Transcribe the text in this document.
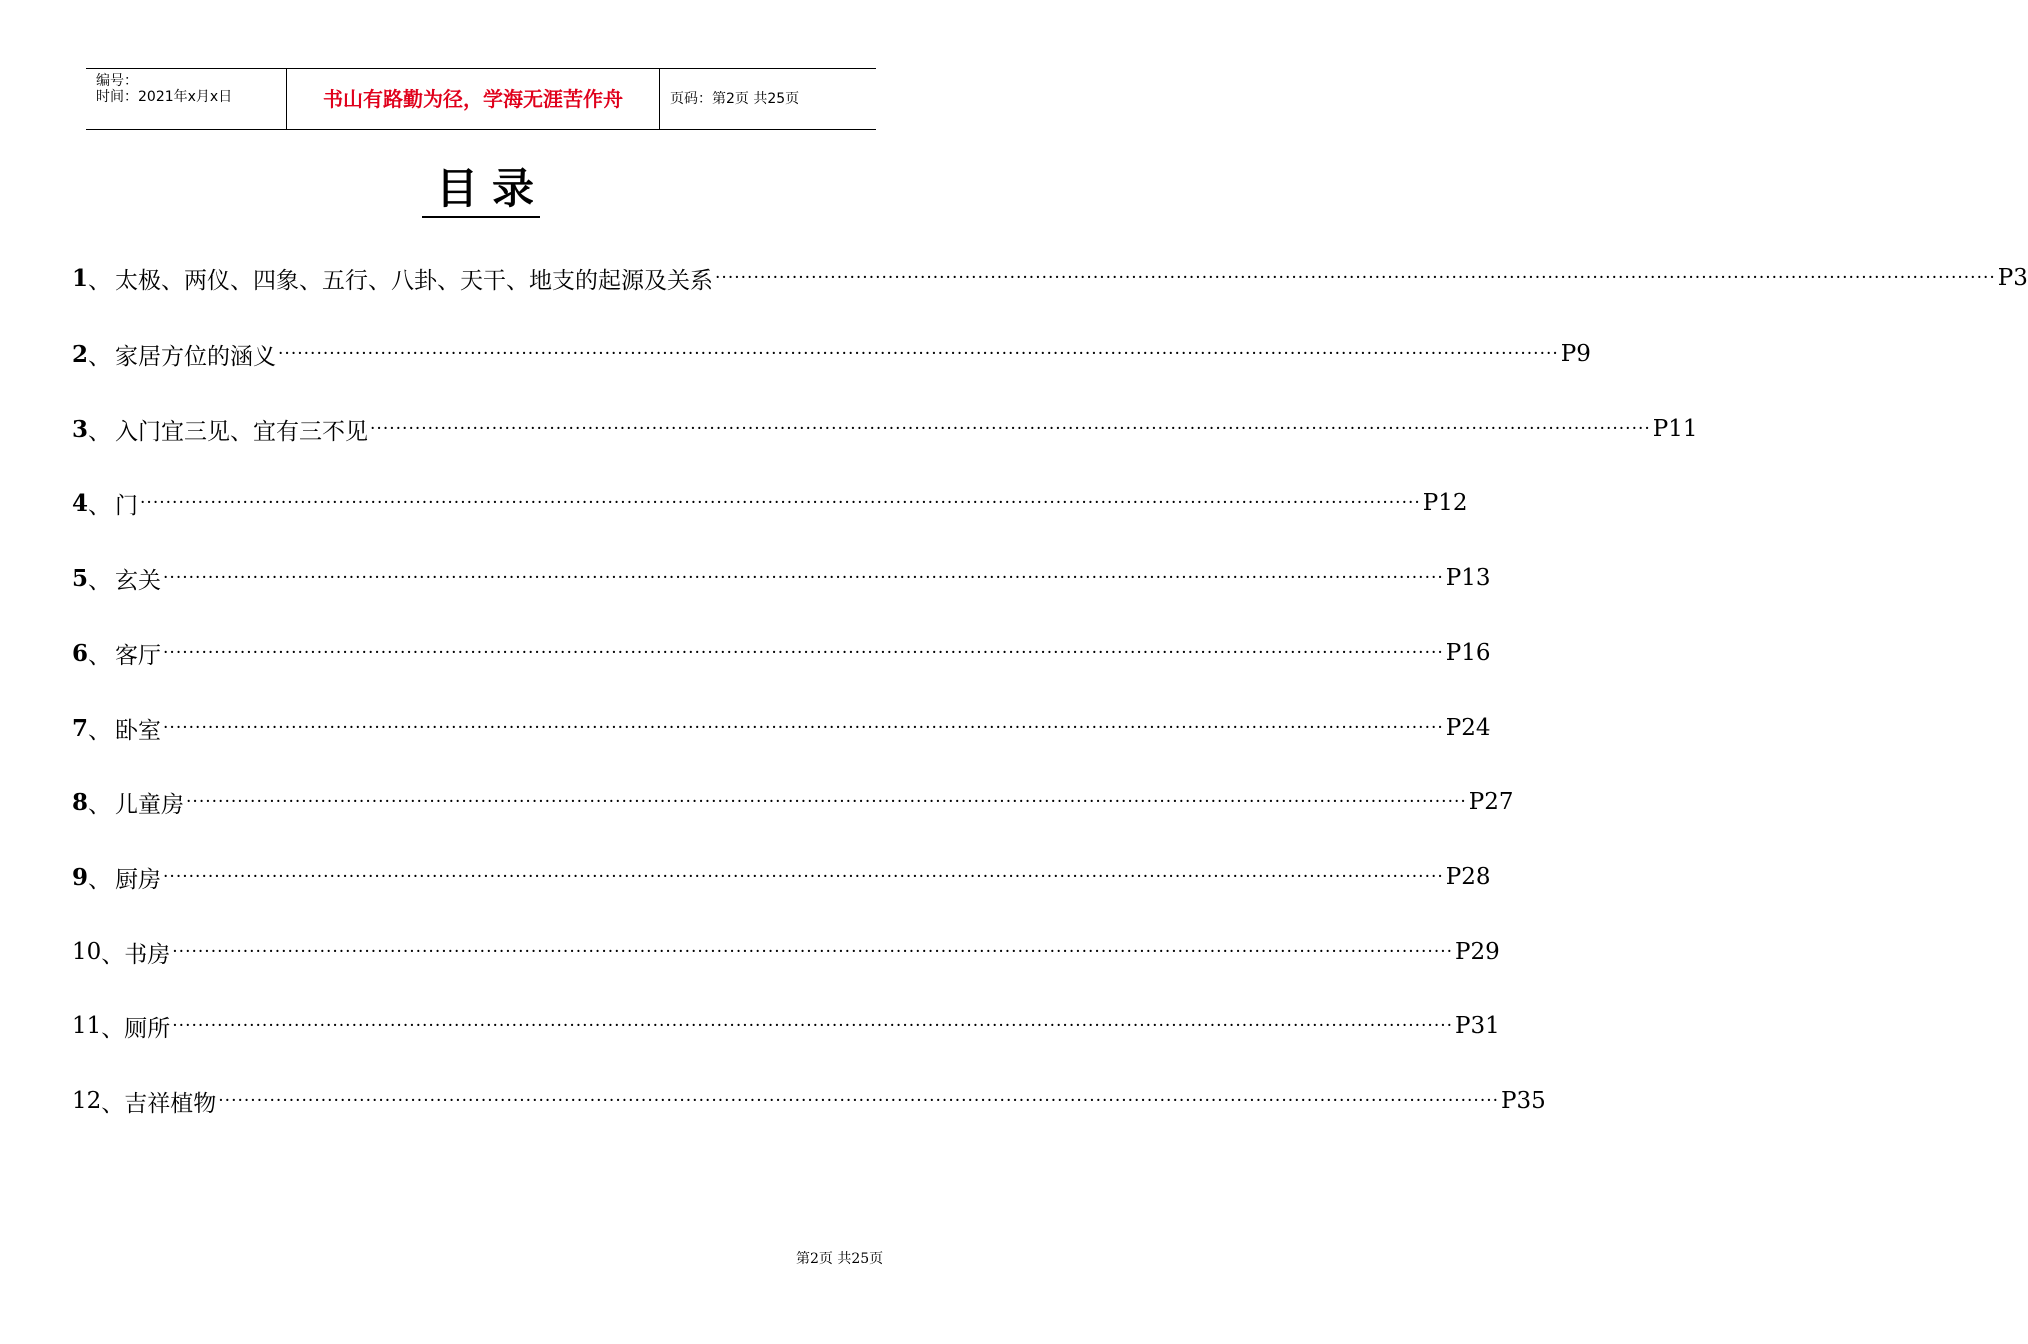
编号：
时间：2021年x月x日	书山有路勤为径，学海无涯苦作舟	页码：第2页 共25页
目录
1 、 太极、两仪、四象、五行、八卦、天干、地支的起源及关系 ········································································································································································································ P3
2 、 家居方位的涵义 ········································································································································································································ P9
3 、 入门宜三见、宜有三不见 ········································································································································································································ P11
4 、 门 ········································································································································································································ P12
5 、 玄关 ········································································································································································································ P13
6 、 客厅 ········································································································································································································ P16
7 、 卧室 ········································································································································································································ P24
8 、 儿童房 ········································································································································································································ P27
9 、 厨房 ········································································································································································································ P28
10 、 书房 ········································································································································································································ P29
11 、 厕所 ········································································································································································································ P31
12 、 吉祥植物 ········································································································································································································ P35
第2页 共25页
